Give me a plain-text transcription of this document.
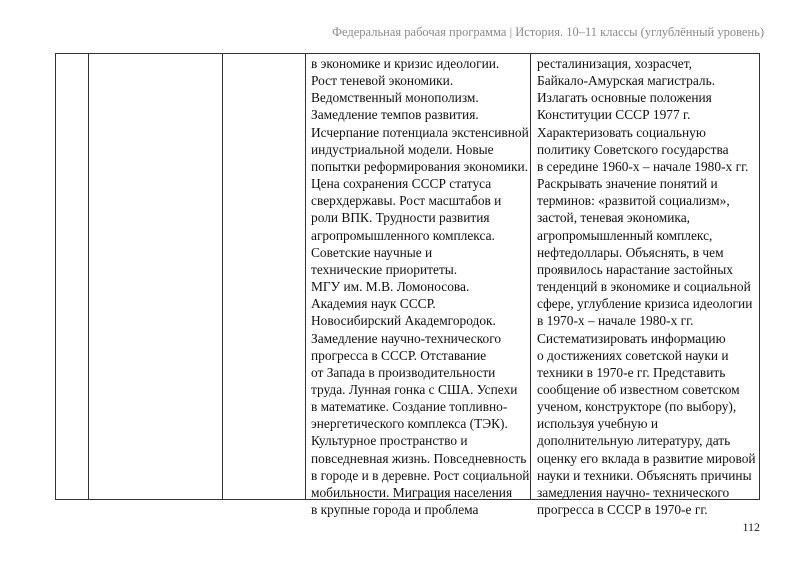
Федеральная рабочая программа | История. 10–11 классы (углублённый уровень)
в экономике и кризис идеологии.
Рост теневой экономики.
Ведомственный монополизм.
Замедление темпов развития.
Исчерпание потенциала экстенсивной
индустриальной модели. Новые
попытки реформирования экономики.
Цена сохранения СССР статуса
сверхдержавы. Рост масштабов и
роли ВПК. Трудности развития
агропромышленного комплекса.
Советские научные и
технические приоритеты.
МГУ им. М.В. Ломоносова.
Академия наук СССР.
Новосибирский Академгородок.
Замедление научно-технического
прогресса в СССР. Отставание
от Запада в производительности
труда. Лунная гонка с США. Успехи
в математике. Создание топливно-
энергетического комплекса (ТЭК).
Культурное пространство и
повседневная жизнь. Повседневность
в городе и в деревне. Рост социальной
мобильности. Миграция населения
в крупные города и проблема
ресталинизация, хозрасчет,
Байкало-Амурская магистраль.
Излагать основные положения
Конституции СССР 1977 г.
Характеризовать социальную
политику Советского государства
в середине 1960-х – начале 1980-х гг.
Раскрывать значение понятий и
терминов: «развитой социализм»,
застой, теневая экономика,
агропромышленный комплекс,
нефтедоллары. Объяснять, в чем
проявилось нарастание застойных
тенденций в экономике и социальной
сфере, углубление кризиса идеологии
в 1970-х – начале 1980-х гг.
Систематизировать информацию
о достижениях советской науки и
техники в 1970-е гг. Представить
сообщение об известном советском
ученом, конструкторе (по выбору),
используя учебную и
дополнительную литературу, дать
оценку его вклада в развитие мировой
науки и техники. Объяснять причины
замедления научно- технического
прогресса в СССР в 1970-е гг.
112
